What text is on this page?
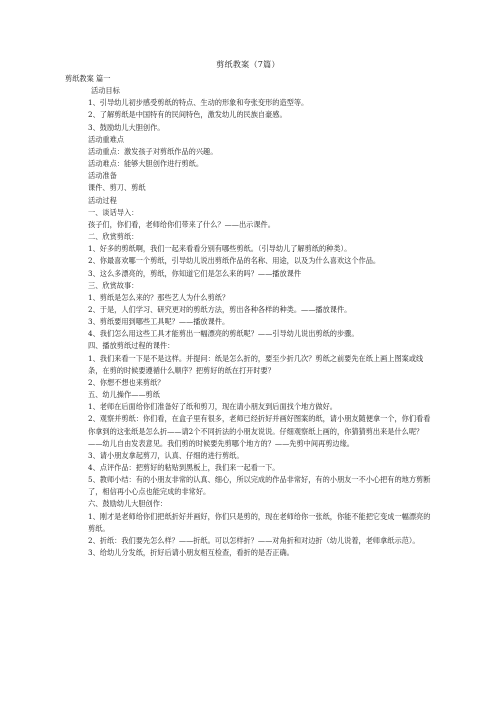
剪纸教案（7篇）
剪纸教案 篇一
活动目标
1、引导幼儿初步感受剪纸的特点、生动的形象和夸张变形的造型等。
2、了解剪纸是中国特有的民间特色，激发幼儿的民族自豪感。
3、鼓励幼儿大胆创作。
活动重难点
活动重点：激发孩子对剪纸作品的兴趣。
活动难点：能够大胆创作进行剪纸。
活动准备
课件、剪刀、剪纸
活动过程
一、谈话导入：
孩子们，你们看，老师给你们带来了什么？——出示课件。
二、欣赏剪纸：
1、好多的剪纸啊，我们一起来看看分别有哪些剪纸。（引导幼儿了解剪纸的种类）。
2、你最喜欢哪一个剪纸，引导幼儿说出剪纸作品的名称、用途，以及为什么喜欢这个作品。
3、这么多漂亮的，剪纸，你知道它们是怎么来的吗？——播放课件
三、欣赏故事：
1、剪纸是怎么来的？那些艺人为什么剪纸？
2、于是，人们学习、研究更对的剪纸方法，剪出各种各样的种类。——播放课件。
3、剪纸要用到哪些工具呢？——播放课件。
4、我们怎么用这些工具才能剪出一幅漂亮的剪纸呢？——引导幼儿说出剪纸的步骤。
四、播放剪纸过程的课件：
1、我们来看一下是不是这样。并提问：纸是怎么折的，要至少折几次？剪纸之前要先在纸上画上图案或线条，在剪的时候要遵循什么顺序？把剪好的纸在打开时要？
2、你想不想也来剪纸？
五、幼儿操作——剪纸
1、老师在后面给你们准备好了纸和剪刀，现在请小朋友到后面找个地方做好。
2、观察并剪纸：你们看，在盒子里有很多，老师已经折好并画好图案的纸，请小朋友随便拿一个，你们看看你拿到的这张纸是怎么折——请2个不同折法的小朋友说说。仔细观察纸上画的，你猜猜剪出来是什么呢？——幼儿自由发表意见。我们剪的时候要先剪哪个地方的？——先剪中间再剪边缘。
3、请小朋友拿起剪刀，认真、仔细的进行剪纸。
4、点评作品：把剪好的粘贴到黑板上，我们来一起看一下。
5、教师小结：有的小朋友非常的认真、细心，所以完成的作品非常好，有的小朋友一不小心把有的地方剪断了，相信再小心点也能完成的非常好。
六、鼓励幼儿大胆创作：
1、刚才是老师给你们把纸折好并画好，你们只是剪的，现在老师给你一张纸，你能不能把它变成一幅漂亮的剪纸。
2、折纸：我们要先怎么样？——折纸。可以怎样折？——对角折和对边折（幼儿说着，老师拿纸示范）。
3、给幼儿分发纸，折好后请小朋友相互检查，看折的是否正确。
